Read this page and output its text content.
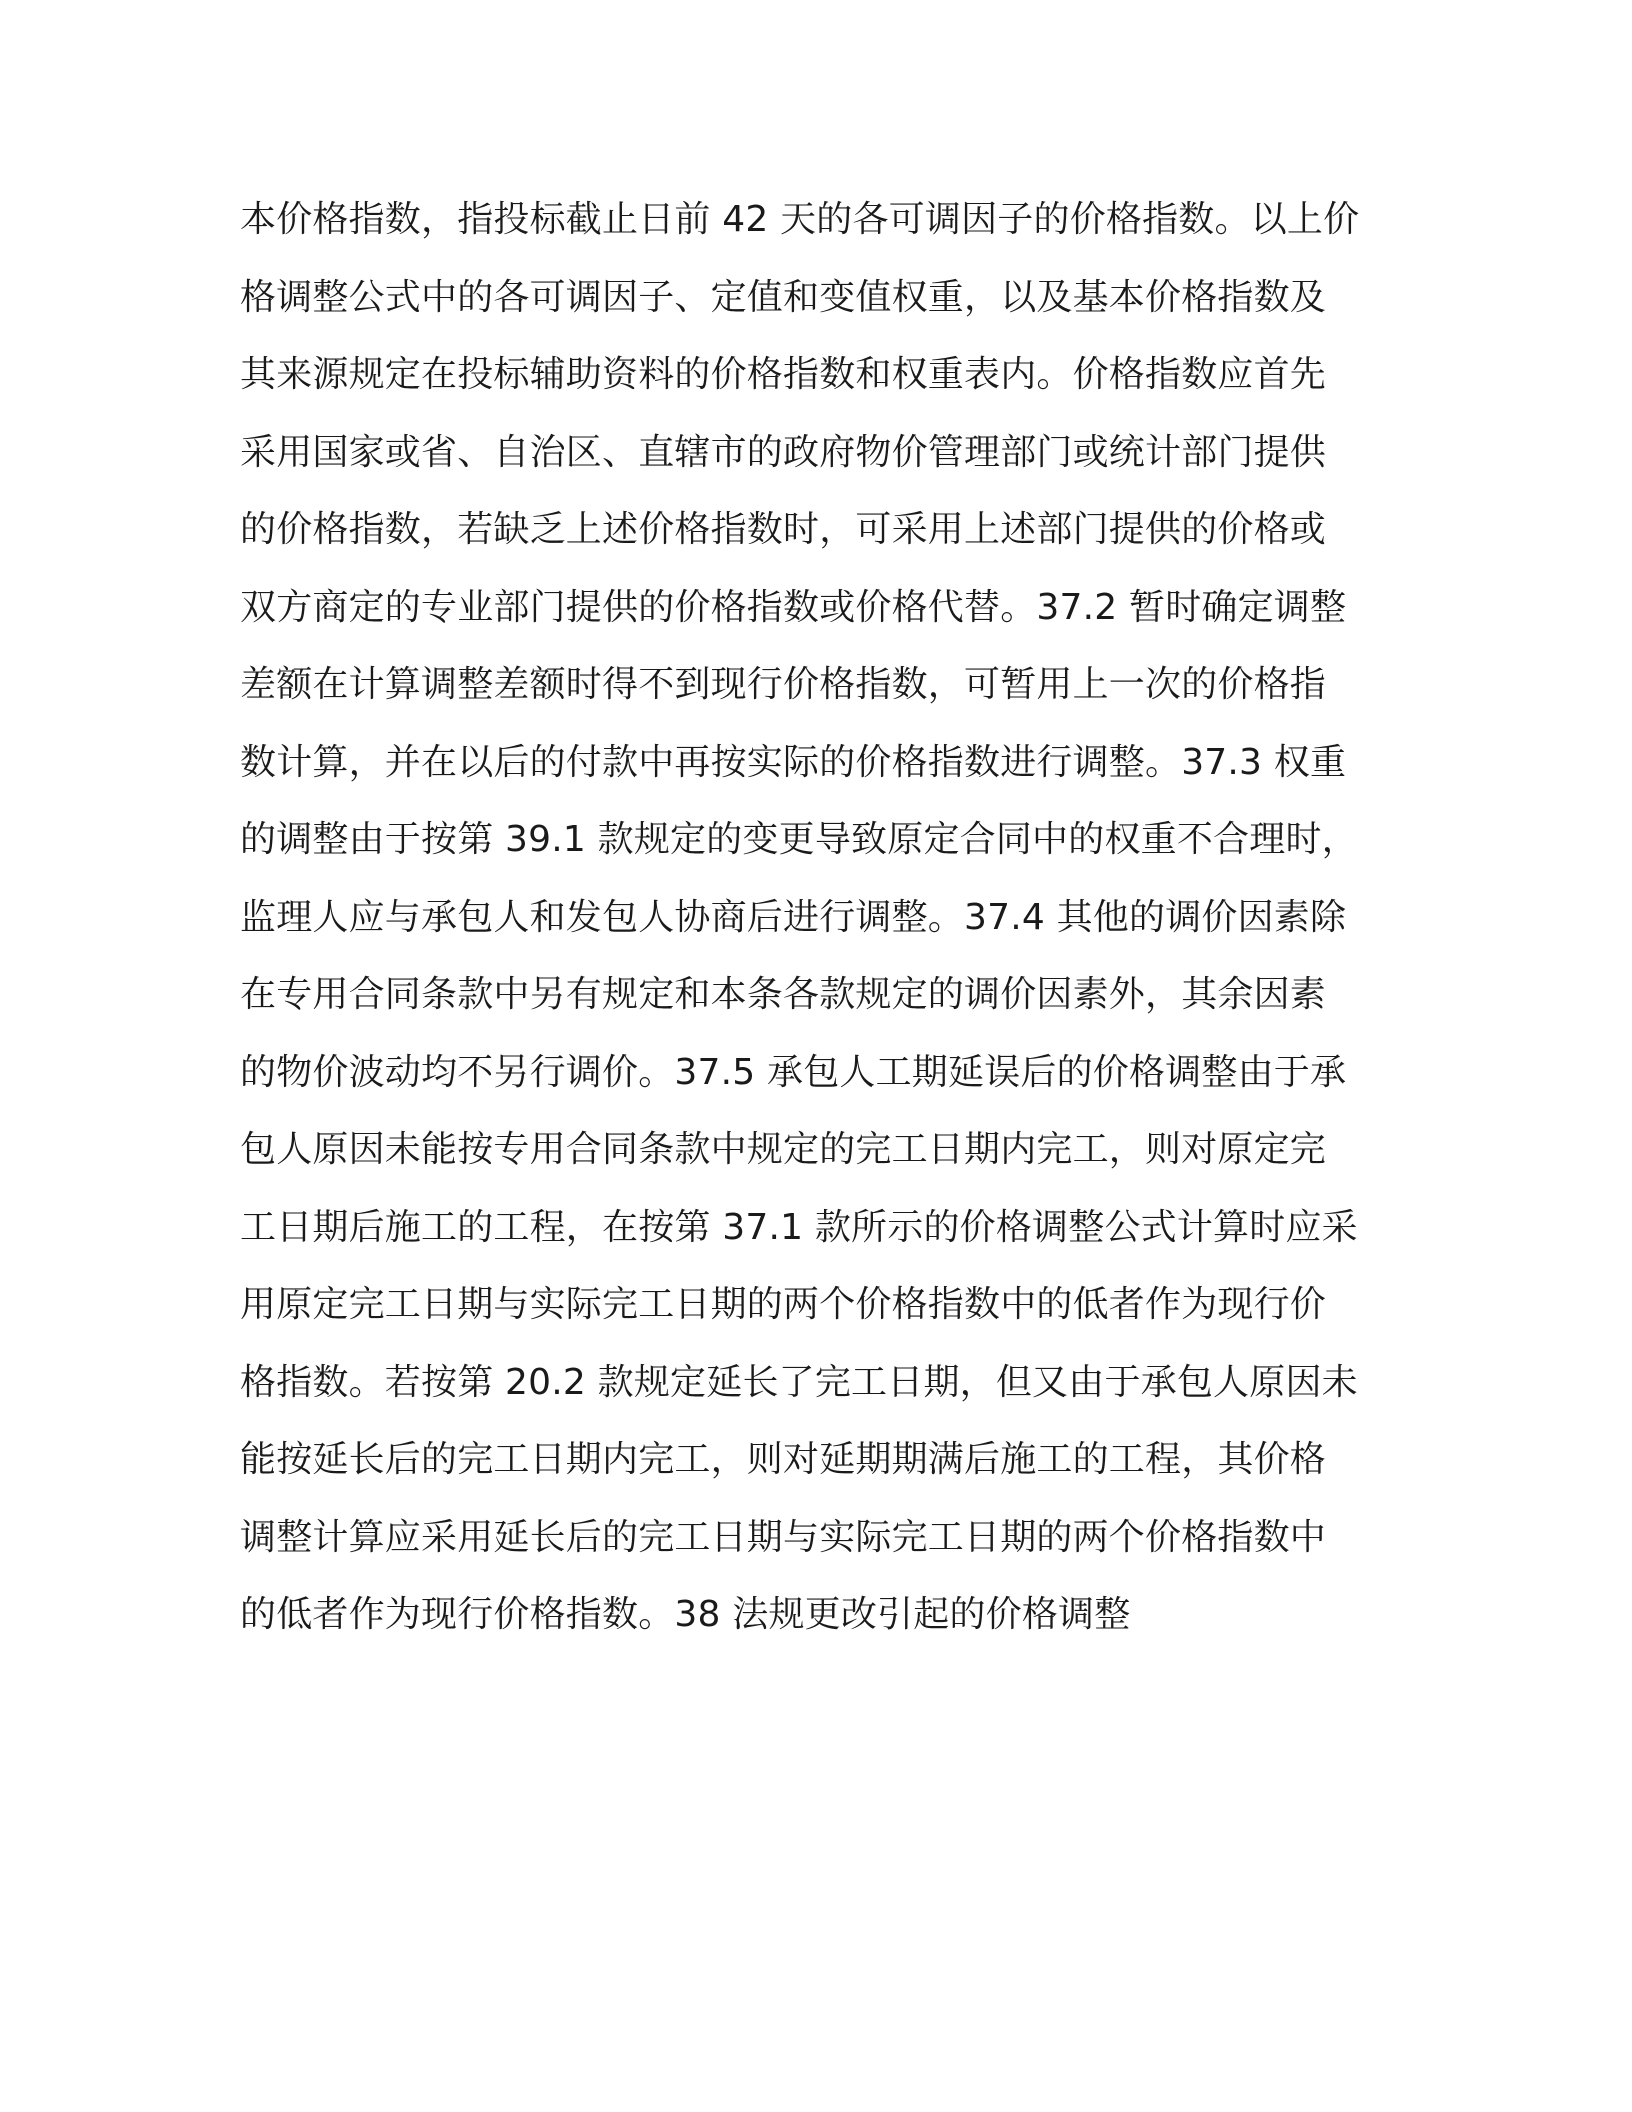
本价格指数，指投标截止日前 42 天的各可调因子的价格指数。以上价
格调整公式中的各可调因子、定值和变值权重，以及基本价格指数及
其来源规定在投标辅助资料的价格指数和权重表内。价格指数应首先
采用国家或省、自治区、直辖市的政府物价管理部门或统计部门提供
的价格指数，若缺乏上述价格指数时，可采用上述部门提供的价格或
双方商定的专业部门提供的价格指数或价格代替。37.2 暂时确定调整
差额在计算调整差额时得不到现行价格指数，可暂用上一次的价格指
数计算，并在以后的付款中再按实际的价格指数进行调整。37.3 权重
的调整由于按第 39.1 款规定的变更导致原定合同中的权重不合理时，
监理人应与承包人和发包人协商后进行调整。37.4 其他的调价因素除
在专用合同条款中另有规定和本条各款规定的调价因素外，其余因素
的物价波动均不另行调价。37.5 承包人工期延误后的价格调整由于承
包人原因未能按专用合同条款中规定的完工日期内完工，则对原定完
工日期后施工的工程，在按第 37.1 款所示的价格调整公式计算时应采
用原定完工日期与实际完工日期的两个价格指数中的低者作为现行价
格指数。若按第 20.2 款规定延长了完工日期，但又由于承包人原因未
能按延长后的完工日期内完工，则对延期期满后施工的工程，其价格
调整计算应采用延长后的完工日期与实际完工日期的两个价格指数中
的低者作为现行价格指数。38 法规更改引起的价格调整
